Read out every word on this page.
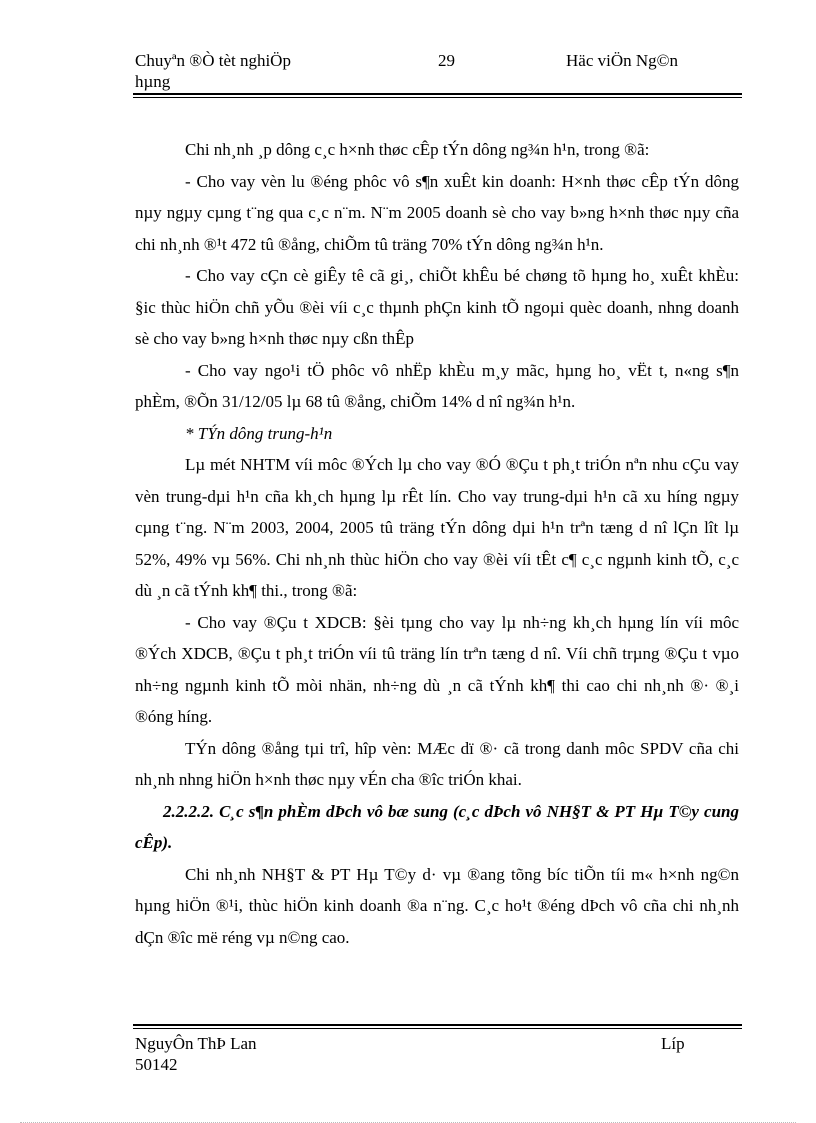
Chuyªn ®Ò tèt nghiÖp
hµng
29	Häc viÖn Ng©n

Chi nh¸nh ¸p dông c¸c h×nh thøc cÊp tÝn dông ng¾n h¹n, trong ®ã:

- Cho vay vèn lu ®éng phôc vô s¶n xuÊt kin doanh: H×nh thøc cÊp tÝn dông nµy ngµy cµng t¨ng qua c¸c n¨m. N¨m 2005 doanh sè cho vay b»ng h×nh thøc nµy cña chi nh¸nh ®¹t 472 tû ®ång, chiÕm tû träng 70% tÝn dông ng¾n h¹n.

- Cho vay cÇn cè giÊy tê cã gi¸, chiÕt khÊu bé chøng tõ hµng ho¸ xuÊt khÈu: §ic thùc hiÖn chñ yÕu ®èi víi c¸c thµnh phÇn kinh tÕ ngoµi quèc doanh, nhng doanh sè cho vay b»ng h×nh thøc nµy cßn thÊp

- Cho vay ngo¹i tÖ phôc vô nhËp khÈu m¸y mãc, hµng ho¸ vËt t, n«ng s¶n phÈm, ®Õn 31/12/05 lµ 68 tû ®ång, chiÕm 14% d nî ng¾n h¹n.

* TÝn dông trung-h¹n

Lµ mét NHTM víi môc ®Ých lµ cho vay ®Ó ®Çu t ph¸t triÓn nªn nhu cÇu vay vèn trung-dµi h¹n cña kh¸ch hµng lµ rÊt lín. Cho vay trung-dµi h¹n cã xu híng ngµy cµng t¨ng. N¨m 2003, 2004, 2005 tû träng tÝn dông dµi h¹n trªn tæng d nî lÇn lît lµ 52%, 49% vµ 56%. Chi nh¸nh thùc hiÖn cho vay ®èi víi tÊt c¶ c¸c ngµnh kinh tÕ, c¸c dù ¸n cã tÝnh kh¶ thi., trong ®ã:

- Cho vay ®Çu t XDCB: §èi tµng cho vay lµ nh÷ng kh¸ch hµng lín víi môc ®Ých XDCB, ®Çu t ph¸t triÓn víi tû träng lín trªn tæng d nî. Víi chñ trµng ®Çu t vµo nh÷ng ngµnh kinh tÕ mòi nhän, nh÷ng dù ¸n cã tÝnh kh¶ thi cao chi nh¸nh ®· ®¸i ®óng híng.

TÝn dông ®ång tµi trî, hîp vèn: MÆc dï ®· cã trong danh môc SPDV cña chi nh¸nh nhng hiÖn h×nh thøc nµy vÉn cha ®îc triÓn khai.

2.2.2.2. C¸c s¶n phÈm dÞch vô bæ sung (c¸c dÞch vô NH§T & PT Hµ T©y cung cÊp).

Chi nh¸nh NH§T & PT Hµ T©y d· vµ ®ang tõng bíc tiÕn tíi m« h×nh ng©n hµng hiÖn ®¹i, thùc hiÖn kinh doanh ®a n¨ng. C¸c ho¹t ®éng dÞch vô cña chi nh¸nh dÇn ®îc më réng vµ n©ng cao.

NguyÔn ThÞ Lan
50142
Líp
